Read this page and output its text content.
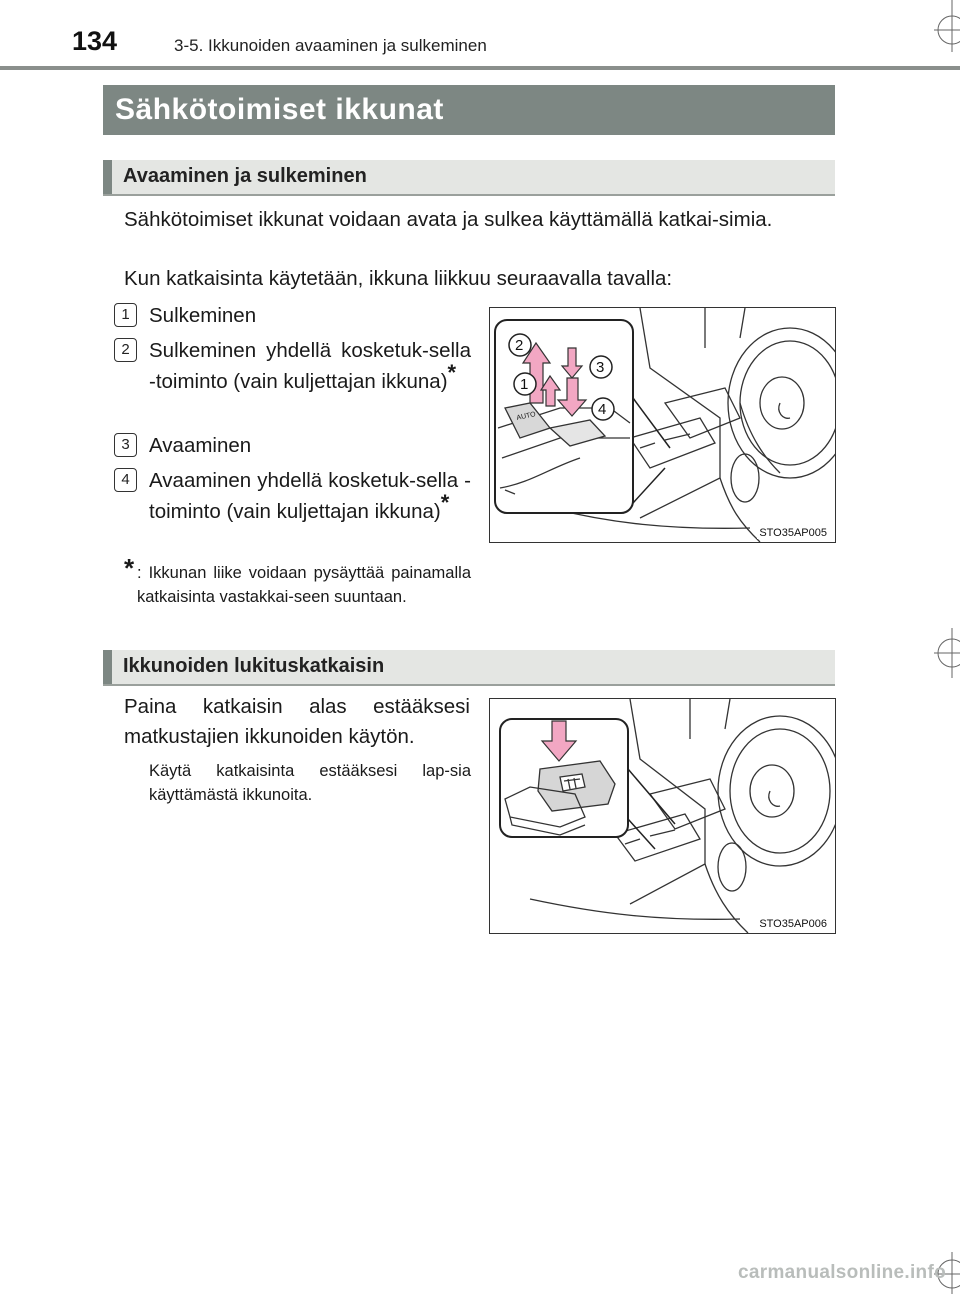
134	3-5. Ikkunoiden avaaminen ja sulkeminen
Sähkötoimiset ikkunat
Avaaminen ja sulkeminen
Sähkötoimiset ikkunat voidaan avata ja sulkea käyttämällä katkai-simia.
Kun katkaisinta käytetään, ikkuna liikkuu seuraavalla tavalla:
1 Sulkeminen
2 Sulkeminen yhdellä kosketuk-sella -toiminto (vain kuljettajan ikkuna)*
3 Avaaminen
4 Avaaminen yhdellä kosketuk-sella -toiminto (vain kuljettajan ikkuna)*
* : Ikkunan liike voidaan pysäyttää painamalla katkaisinta vastakkai-seen suuntaan.
AUTO
2
1
3
4
STO35AP005
Ikkunoiden lukituskatkaisin
Paina katkaisin alas estääksesi matkustajien ikkunoiden käytön.
Käytä katkaisinta estääksesi lap-sia käyttämästä ikkunoita.
STO35AP006
carmanualsonline.info
